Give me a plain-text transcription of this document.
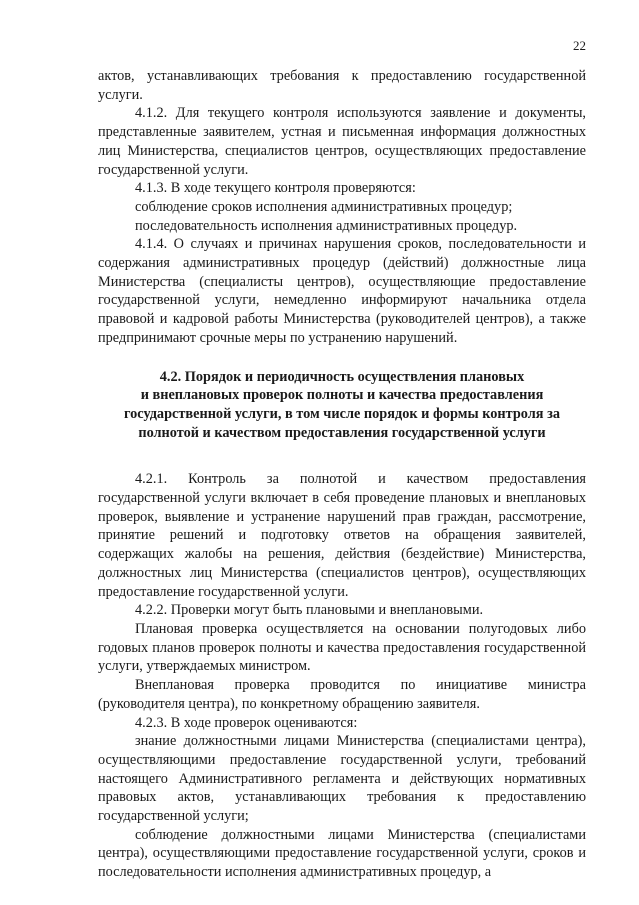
22

актов, устанавливающих требования к предоставлению государственной услуги.

4.1.2. Для текущего контроля используются заявление и документы, представленные заявителем, устная и письменная информация должностных лиц Министерства, специалистов центров, осуществляющих предоставление государственной услуги.

4.1.3. В ходе текущего контроля проверяются:

соблюдение сроков исполнения административных процедур;

последовательность исполнения административных процедур.

4.1.4. О случаях и причинах нарушения сроков, последовательности и содержания административных процедур (действий) должностные лица Министерства (специалисты центров), осуществляющие предоставление государственной услуги, немедленно информируют начальника отдела правовой и кадровой работы Министерства (руководителей центров), а также предпринимают срочные меры по устранению нарушений.

4.2. Порядок и периодичность осуществления плановых
и внеплановых проверок полноты и качества предоставления
государственной услуги, в том числе порядок и формы контроля за
полнотой и качеством предоставления государственной услуги

4.2.1. Контроль за полнотой и качеством предоставления государственной услуги включает в себя проведение плановых и внеплановых проверок, выявление и устранение нарушений прав граждан, рассмотрение, принятие решений и подготовку ответов на обращения заявителей, содержащих жалобы на решения, действия (бездействие) Министерства, должностных лиц Министерства (специалистов центров), осуществляющих предоставление государственной услуги.

4.2.2. Проверки могут быть плановыми и внеплановыми.

Плановая проверка осуществляется на основании полугодовых либо годовых планов проверок полноты и качества предоставления государственной услуги, утверждаемых министром.

Внеплановая проверка проводится по инициативе министра (руководителя центра), по конкретному обращению заявителя.

4.2.3. В ходе проверок оцениваются:

знание должностными лицами Министерства (специалистами центра), осуществляющими предоставление государственной услуги, требований настоящего Административного регламента и действующих нормативных правовых актов, устанавливающих требования к предоставлению государственной услуги;

соблюдение должностными лицами Министерства (специалистами центра), осуществляющими предоставление государственной услуги, сроков и последовательности исполнения административных процедур, а
